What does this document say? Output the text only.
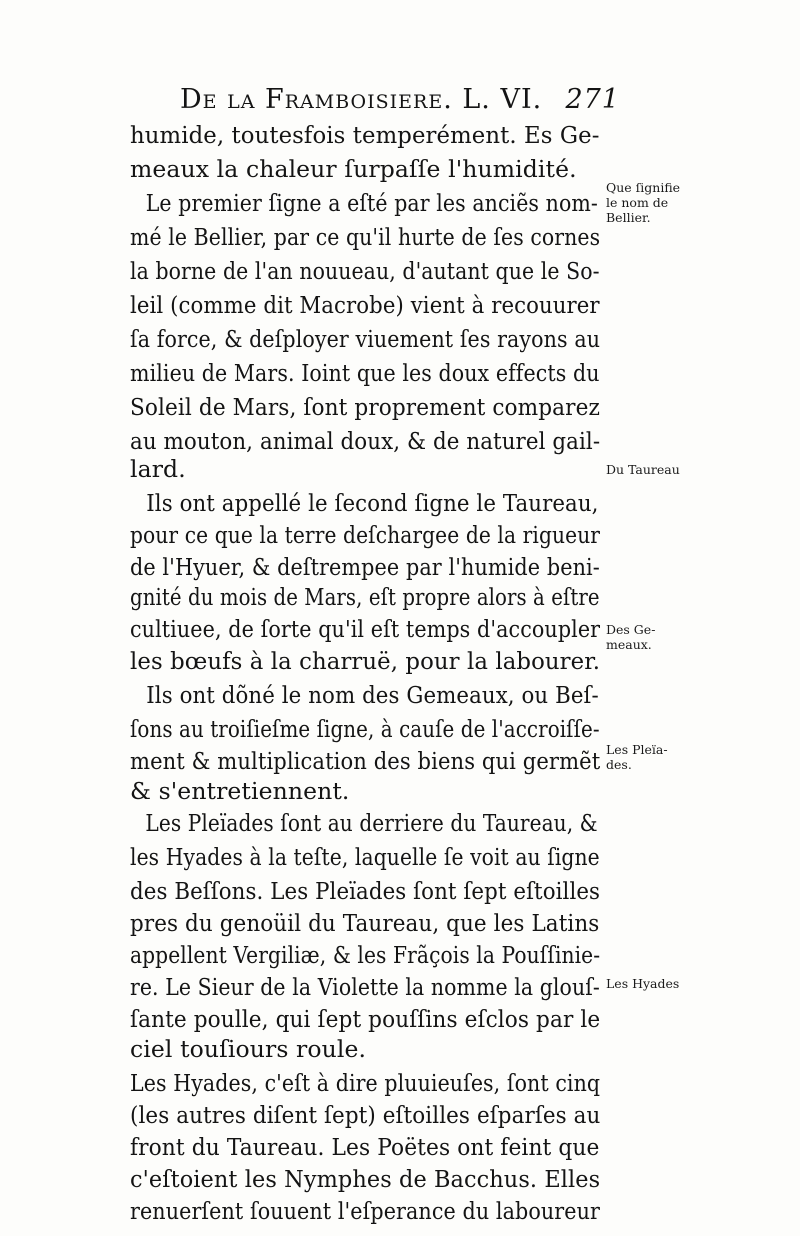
De la Framboisiere. L. VI. 271
humide, toutesfois temperément. Es Ge-
meaux la chaleur ſurpaſſe l'humidité.
Le premier ſigne a eſté par les anciẽs nom-
mé le Bellier, par ce qu'il hurte de ſes cornes
la borne de l'an nouueau, d'autant que le So-
leil (comme dit Macrobe) vient à recouurer
ſa force, & deſployer viuement ſes rayons au
milieu de Mars. Ioint que les doux effects du
Soleil de Mars, ſont proprement comparez
au mouton, animal doux, & de naturel gail-
lard.
Ils ont appellé le ſecond ſigne le Taureau,
pour ce que la terre deſchargee de la rigueur
de l'Hyuer, & deſtrempee par l'humide beni-
gnité du mois de Mars, eſt propre alors à eſtre
cultiuee, de ſorte qu'il eſt temps d'accoupler
les bœufs à la charruë, pour la labourer.
Ils ont dõné le nom des Gemeaux, ou Beſ-
ſons au troiſieſme ſigne, à cauſe de l'accroiſſe-
ment & multiplication des biens qui germẽt
& s'entretiennent.
Les Pleïades ſont au derriere du Taureau, &
les Hyades à la teſte, laquelle ſe voit au ſigne
des Beſſons. Les Pleïades ſont ſept eſtoilles
pres du genoüil du Taureau, que les Latins
appellent Vergiliæ, & les Frãçois la Pouſſinie-
re. Le Sieur de la Violette la nomme la glouſ-
ſante poulle, qui ſept pouſſins eſclos par le
ciel touſiours roule.
Les Hyades, c'eſt à dire pluuieuſes, ſont cinq
(les autres diſent ſept) eſtoilles eſparſes au
front du Taureau. Les Poëtes ont feint que
c'eſtoient les Nymphes de Bacchus. Elles
renuerſent ſouuent l'eſperance du laboureur
Que ſignifie
le nom de
Bellier.
Du Taureau
Des Ge-
meaux.
Les Pleïa-
des.
Les Hyades
